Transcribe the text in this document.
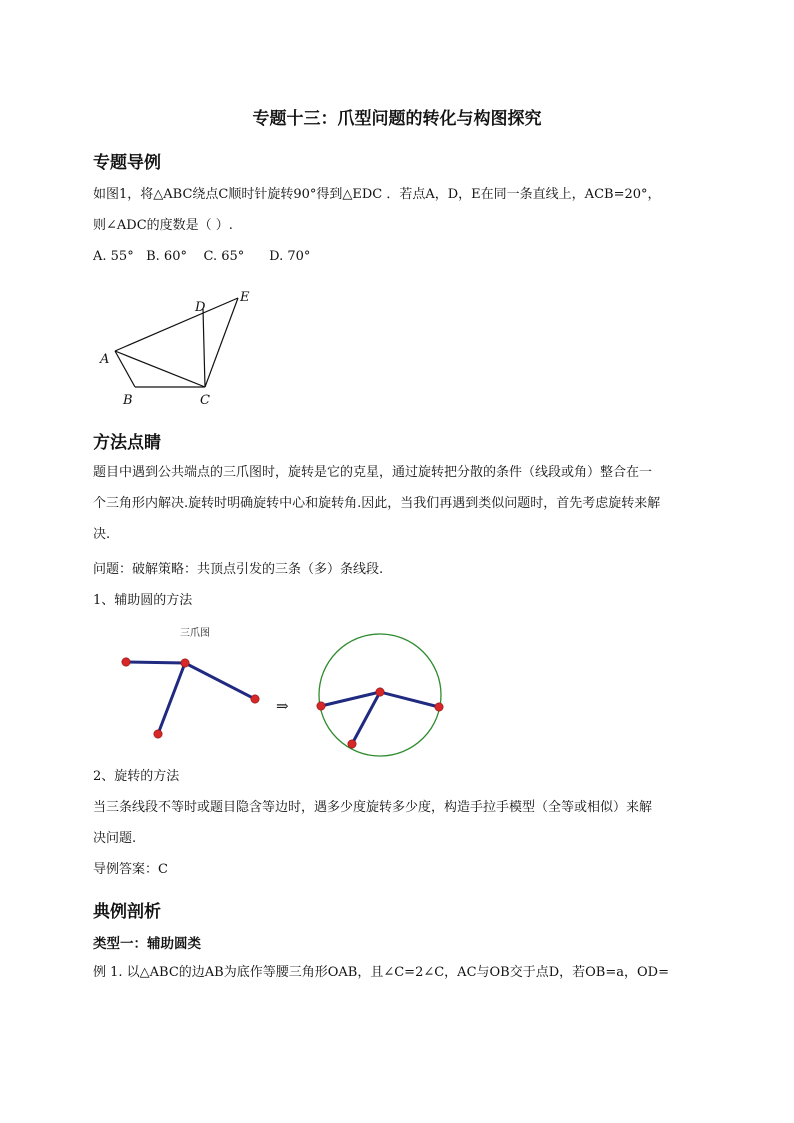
专题十三：爪型问题的转化与构图探究
专题导例
如图1，将△ABC绕点C顺时针旋转90°得到△EDC ．若点A，D，E在同一条直线上，ACB=20°，
则∠ADC的度数是（ ）.
A. 55° B. 60° C. 65° D. 70°
A
B	C
D
E
方法点睛
题目中遇到公共端点的三爪图时，旋转是它的克星，通过旋转把分散的条件（线段或角）整合在一
个三角形内解决.旋转时明确旋转中心和旋转角.因此，当我们再遇到类似问题时，首先考虑旋转来解
决.
问题：破解策略：共顶点引发的三条（多）条线段.
1、辅助圆的方法
三爪图
⇒
2、旋转的方法
当三条线段不等时或题目隐含等边时，遇多少度旋转多少度，构造手拉手模型（全等或相似）来解
决问题.
导例答案：C
典例剖析
类型一：辅助圆类
例 1. 以△ABC的边AB为底作等腰三角形OAB，且∠C=2∠C，AC与OB交于点D，若OB=a，OD=
